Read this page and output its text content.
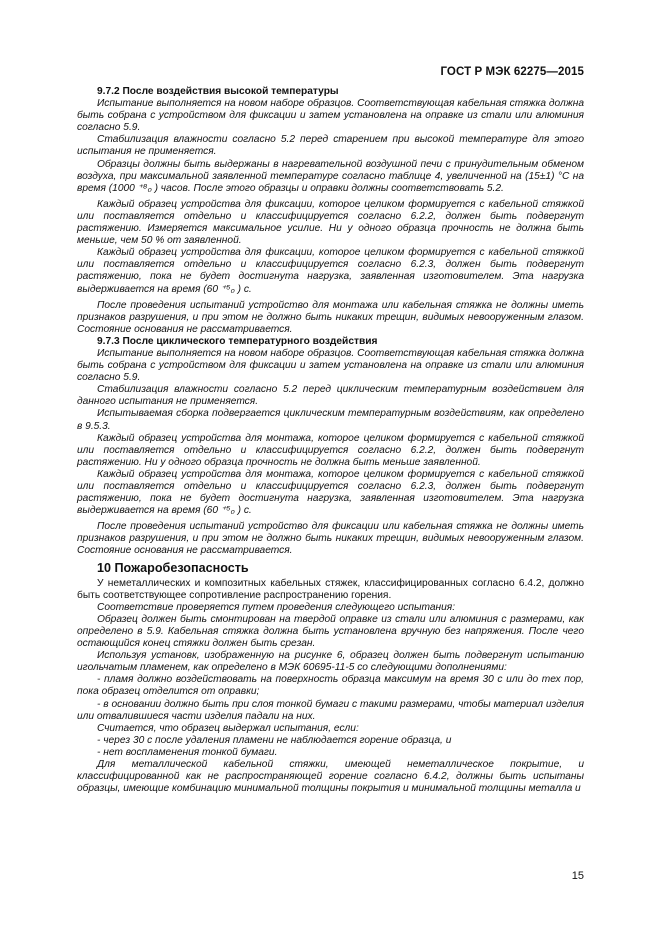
ГОСТ Р МЭК 62275—2015

9.7.2 После воздействия высокой температуры

Испытание выполняется на новом наборе образцов. Соответствующая кабельная стяжка должна быть собрана с устройством для фиксации и затем установлена на оправке из стали или алюминия согласно 5.9.

Стабилизация влажности согласно 5.2 перед старением при высокой температуре для этого испытания не применяется.

Образцы должны быть выдержаны в нагревательной воздушной печи с принудительным обменом воздуха, при максимальной заявленной температуре согласно таблице 4, увеличенной на (15±1) °С на время (1000 ⁺⁸₀ ) часов. После этого образцы и оправки должны соответствовать 5.2.

Каждый образец устройства для фиксации, которое целиком формируется с кабельной стяжкой или поставляется отдельно и классифицируется согласно 6.2.2, должен быть подвергнут растяжению. Измеряется максимальное усилие. Ни у одного образца прочность не должна быть меньше, чем 50 % от заявленной.

Каждый образец устройства для фиксации, которое целиком формируется с кабельной стяжкой или поставляется отдельно и классифицируется согласно 6.2.3, должен быть подвергнут растяжению, пока не будет достигнута нагрузка, заявленная изготовителем. Эта нагрузка выдерживается на время (60 ⁺⁵₀ ) с.

После проведения испытаний устройство для монтажа или кабельная стяжка не должны иметь признаков разрушения, и при этом не должно быть никаких трещин, видимых невооруженным глазом. Состояние основания не рассматривается.

9.7.3 После циклического температурного воздействия

Испытание выполняется на новом наборе образцов. Соответствующая кабельная стяжка должна быть собрана с устройством для фиксации и затем установлена на оправке из стали или алюминия согласно 5.9.

Стабилизация влажности согласно 5.2 перед циклическим температурным воздействием для данного испытания не применяется.

Испытываемая сборка подвергается циклическим температурным воздействиям, как определено в 9.5.3.

Каждый образец устройства для монтажа, которое целиком формируется с кабельной стяжкой или поставляется отдельно и классифицируется согласно 6.2.2, должен быть подвергнут растяжению. Ни у одного образца прочность не должна быть меньше заявленной.

Каждый образец устройства для монтажа, которое целиком формируется с кабельной стяжкой или поставляется отдельно и классифицируется согласно 6.2.3, должен быть подвергнут растяжению, пока не будет достигнута нагрузка, заявленная изготовителем. Эта нагрузка выдерживается на время (60 ⁺⁵₀ ) с.

После проведения испытаний устройство для фиксации или кабельная стяжка не должны иметь признаков разрушения, и при этом не должно быть никаких трещин, видимых невооруженным глазом. Состояние основания не рассматривается.

10 Пожаробезопасность

У неметаллических и композитных кабельных стяжек, классифицированных согласно 6.4.2, должно быть соответствующее сопротивление распространению горения.

Соответствие проверяется путем проведения следующего испытания:

Образец должен быть смонтирован на твердой оправке из стали или алюминия с размерами, как определено в 5.9. Кабельная стяжка должна быть установлена вручную без напряжения. После чего остающийся конец стяжки должен быть срезан.

Используя установк, изображенную на рисунке 6, образец должен быть подвергнут испытанию игольчатым пламенем, как определено в МЭК 60695-11-5 со следующими дополнениями:

- пламя должно воздействовать на поверхность образца максимум на время 30 с или до тех пор, пока образец отделится от оправки;

- в основании должно быть при слоя тонкой бумаги с такими размерами, чтобы материал изделия или отвалившиеся части изделия падали на них.

Считается, что образец выдержал испытания, если:

- через 30 с после удаления пламени не наблюдается горение образца, и

- нет воспламенения тонкой бумаги.

Для металлической кабельной стяжки, имеющей неметаллическое покрытие, и классифицированной как не распространяющей горение согласно 6.4.2, должны быть испытаны образцы, имеющие комбинацию минимальной толщины покрытия и минимальной толщины металла и

15
